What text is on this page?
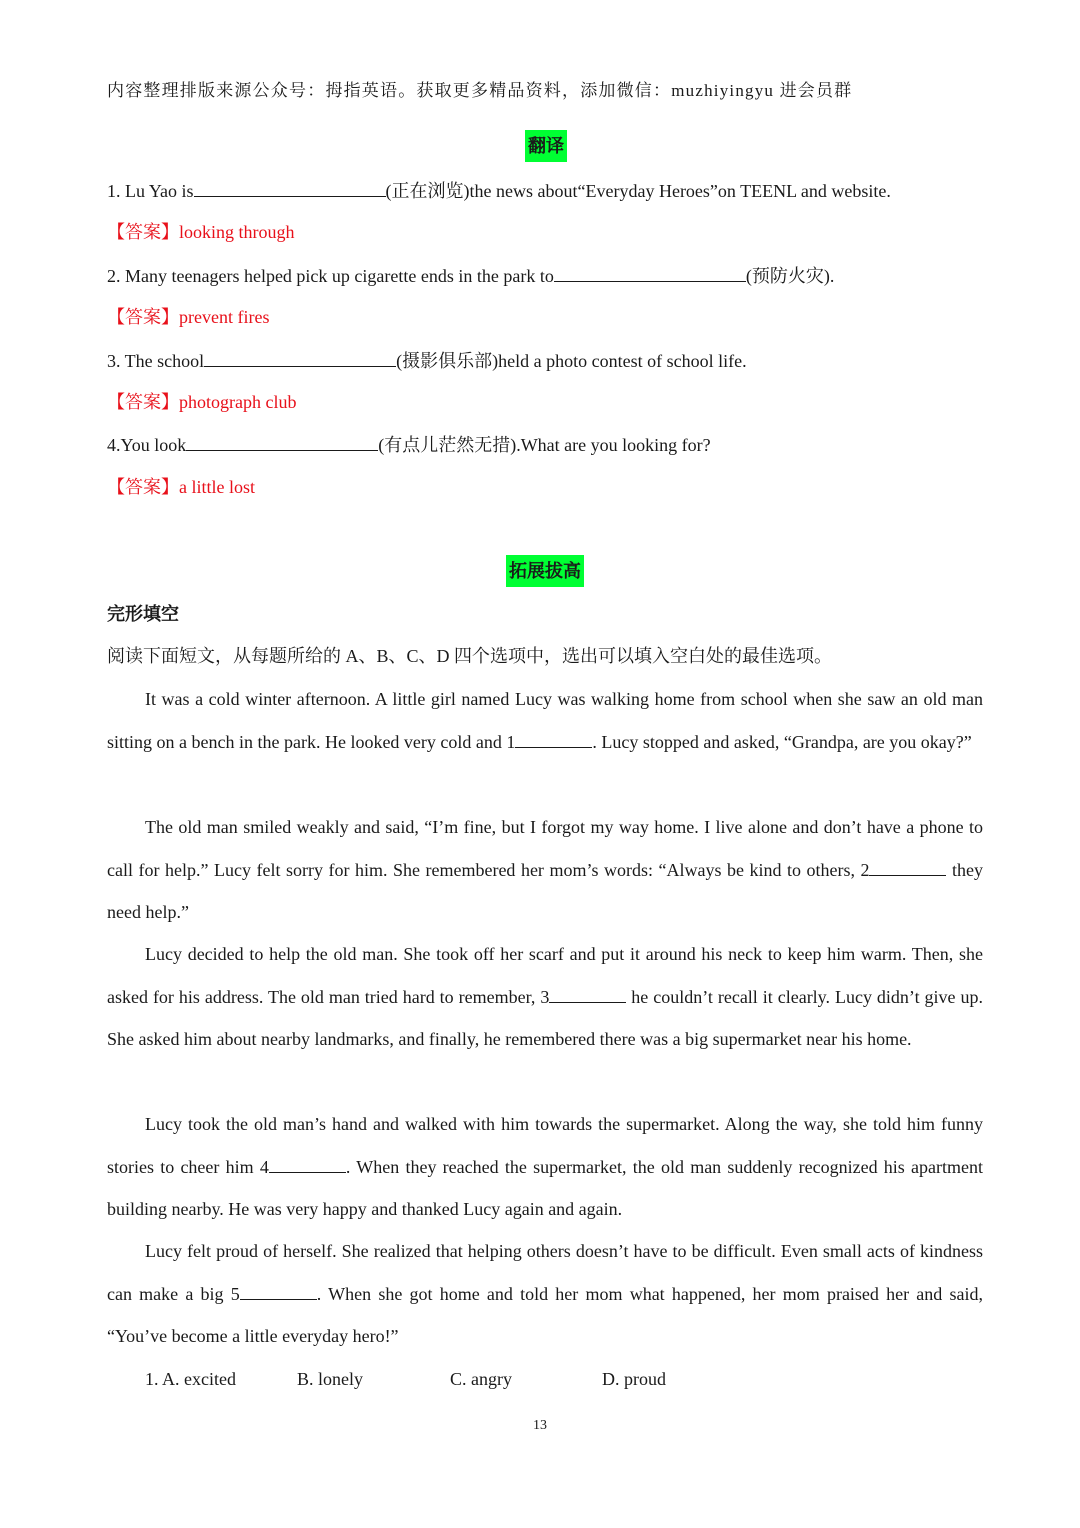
内容整理排版来源公众号：拇指英语。获取更多精品资料，添加微信：muzhiyingyu 进会员群
翻译
1. Lu Yao is	(正在浏览)the news about“Everyday Heroes”on TEENL and website.
【答案】looking through
2. Many teenagers helped pick up cigarette ends in the park to	(预防火灾).
【答案】prevent fires
3. The school	(摄影俱乐部)held a photo contest of school life.
【答案】photograph club
4.You look	(有点儿茫然无措).What are you looking for?
【答案】a little lost
拓展拔高
完形填空
阅读下面短文，从每题所给的 A、B、C、D 四个选项中，选出可以填入空白处的最佳选项。
It was a cold winter afternoon. A little girl named Lucy was walking home from school when she saw an old man sitting on a bench in the park. He looked very cold and 1	. Lucy stopped and asked, “Grandpa, are you okay?”
The old man smiled weakly and said, “I’m fine, but I forgot my way home. I live alone and don’t have a phone to call for help.” Lucy felt sorry for him. She remembered her mom’s words: “Always be kind to others, 2	they need help.”
Lucy decided to help the old man. She took off her scarf and put it around his neck to keep him warm. Then, she asked for his address. The old man tried hard to remember, 3	he couldn’t recall it clearly. Lucy didn’t give up. She asked him about nearby landmarks, and finally, he remembered there was a big supermarket near his home.
Lucy took the old man’s hand and walked with him towards the supermarket. Along the way, she told him funny stories to cheer him 4	. When they reached the supermarket, the old man suddenly recognized his apartment building nearby. He was very happy and thanked Lucy again and again.
Lucy felt proud of herself. She realized that helping others doesn’t have to be difficult. Even small acts of kindness can make a big 5	. When she got home and told her mom what happened, her mom praised her and said, “You’ve become a little everyday hero!”
1. A. excited	B. lonely	C. angry	D. proud
13
